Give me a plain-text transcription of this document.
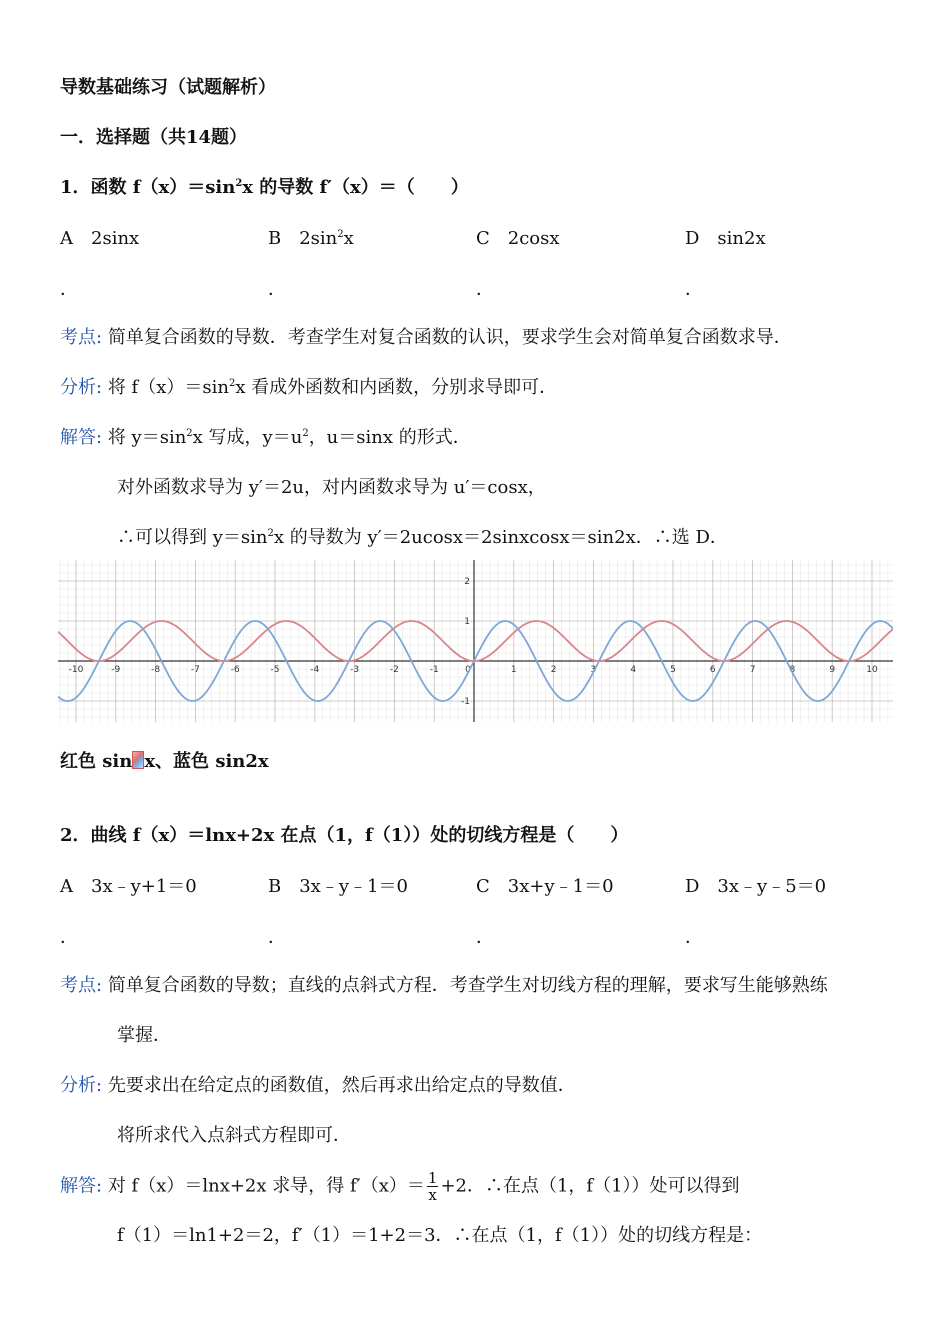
导数基础练习（试题解析）
一．选择题（共14题）
1．函数 $f(x)=\sin^2x$ 的导数 f′（x）＝（　　）
A　2sinx	B　$2\sin^2x$	C　2cosx	D　sin2x
．	．	．	．
考点: 简单复合函数的导数．考查学生对复合函数的认识，要求学生会对简单复合函数求导．
分析: 将 $f(x)=\sin^2x$ 看成外函数和内函数，分别求导即可．
解答: 将 $y=\sin^2x$ 写成，$y=u^2$，u＝sinx 的形式．
对外函数求导为 y′＝2u，对内函数求导为 u′＝cosx，
∴可以得到 $y=\sin^2x$ 的导数为 y′＝2ucosx＝2sinxcosx＝sin2x．∴选 D．
-10	-9	-8	-7	-6	-5	-4	-3	-2	-1	0	1	2	3	4	5	6	7	8	9	10
2
1
-1
红色 sin x、蓝色 sin2x
2．曲线 f（x）＝lnx+2x 在点（1，f（1））处的切线方程是（　　）
A　3x﹣y+1＝0	B　3x﹣y﹣1＝0	C　3x+y﹣1＝0	D　3x﹣y﹣5＝0
．	．	．	．
考点: 简单复合函数的导数；直线的点斜式方程．考查学生对切线方程的理解，要求写生能够熟练
掌握．
分析: 先要求出在给定点的函数值，然后再求出给定点的导数值．
将所求代入点斜式方程即可．
解答: 对 f（x）＝lnx+2x 求导，得 $f'(x)= \frac{1}{x} +2$．∴在点（1，f（1））处可以得到
f（1）＝ln1+2＝2，f′（1）＝1+2＝3．∴在点（1，f（1））处的切线方程是：
